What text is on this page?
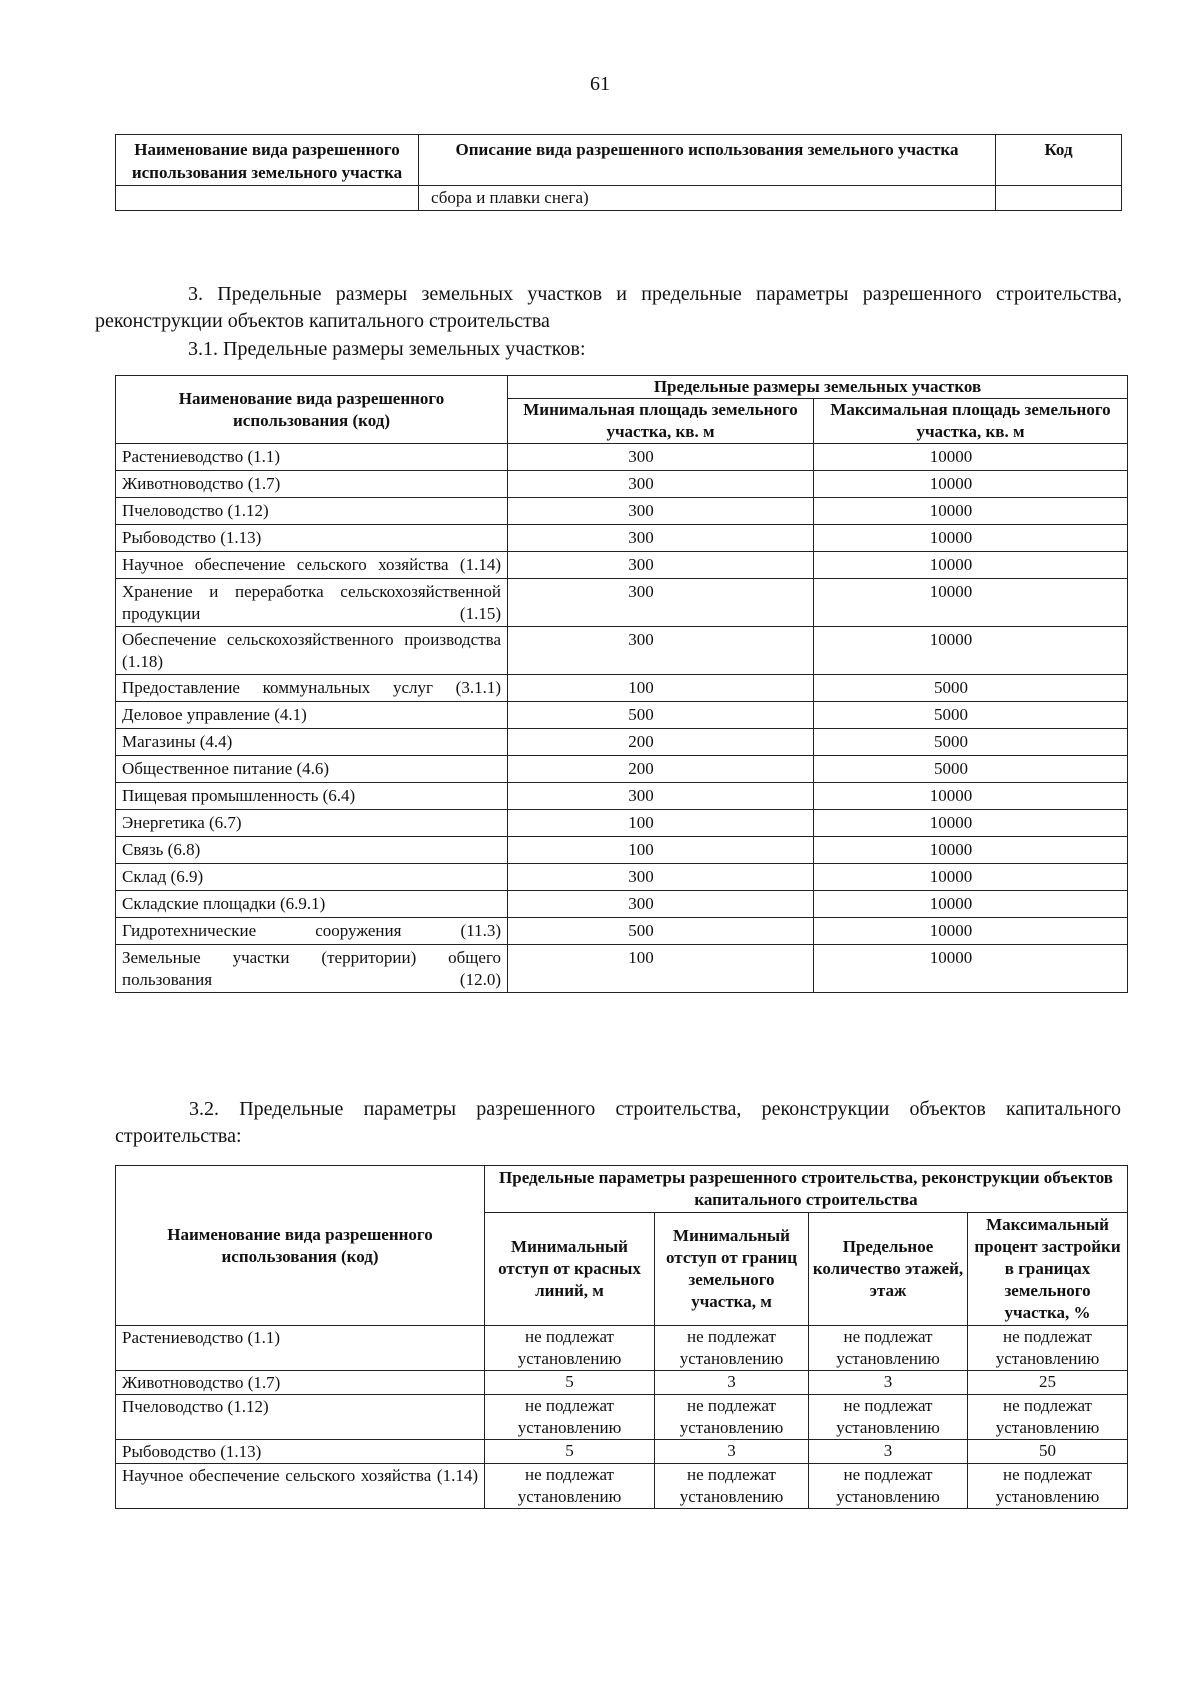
61
Наименование вида разрешенного использования земельного участка	Описание вида разрешенного использования земельного участка	Код
	сбора и плавки снега)	

3. Предельные размеры земельных участков и предельные параметры разрешенного строительства, реконструкции объектов капитального строительства

3.1. Предельные размеры земельных участков:

Наименование вида разрешенного использования (код)	Предельные размеры земельных участков	
	Минимальная площадь земельного участка, кв. м	Максимальная площадь земельного участка, кв. м
Растениеводство (1.1)	300	10000
Животноводство (1.7)	300	10000
Пчеловодство (1.12)	300	10000
Рыбоводство (1.13)	300	10000
Научное обеспечение сельского хозяйства (1.14)	300	10000
Хранение и переработка сельскохозяйственной продукции (1.15)	300	10000
Обеспечение сельскохозяйственного производства (1.18)	300	10000
Предоставление коммунальных услуг (3.1.1)	100	5000
Деловое управление (4.1)	500	5000
Магазины (4.4)	200	5000
Общественное питание (4.6)	200	5000
Пищевая промышленность (6.4)	300	10000
Энергетика (6.7)	100	10000
Связь (6.8)	100	10000
Склад (6.9)	300	10000
Складские площадки (6.9.1)	300	10000
Гидротехнические сооружения (11.3)	500	10000
Земельные участки (территории) общего пользования (12.0)	100	10000

3.2. Предельные параметры разрешенного строительства, реконструкции объектов капитального строительства:

Наименование вида разрешенного использования (код)	Предельные параметры разрешенного строительства, реконструкции объектов капитального строительства			
	Минимальный отступ от красных линий, м	Минимальный отступ от границ земельного участка, м	Предельное количество этажей, этаж	Максимальный процент застройки в границах земельного участка, %
Растениеводство (1.1)	не подлежат установлению	не подлежат установлению	не подлежат установлению	не подлежат установлению
Животноводство (1.7)	5	3	3	25
Пчеловодство (1.12)	не подлежат установлению	не подлежат установлению	не подлежат установлению	не подлежат установлению
Рыбоводство (1.13)	5	3	3	50
Научное обеспечение сельского хозяйства (1.14)	не подлежат установлению	не подлежат установлению	не подлежат установлению	не подлежат установлению
